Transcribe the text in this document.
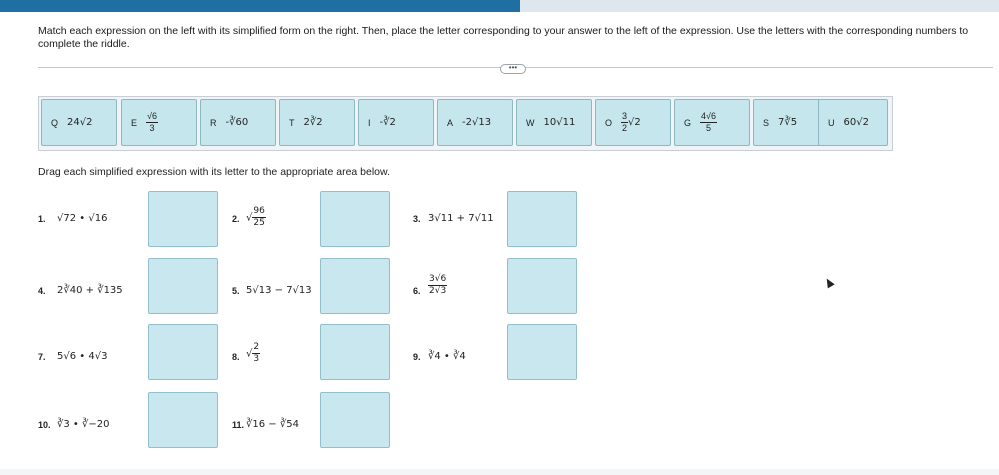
Match each expression on the left with its simplified form on the right. Then, place the letter corresponding to your answer to the left of the expression. Use the letters with the corresponding numbers to complete the riddle.
•••
Q 24√2	E $\frac{√6}{3}$	R -∛60	T 2∛2	I -∛2	A -2√13	W 10√11	O $\frac{3}{2} √2$	G $\frac{4√6}{5}$	S 7∛5	U 60√2
Drag each simplified expression with its letter to the appropriate area below.
1. √72 • √16	2. √ $\frac{96}{25}$	3. 3√11 + 7√11
4. 2∛40 + ∛135	5. 5√13 − 7√13	6. $\frac{3√6}{2√3}$
7. 5√6 • 4√3	8. √ $\frac{2}{3}$	9. ∛4 • ∛4
10. ∛3 • ∛−20	11. ∛16 − ∛54
